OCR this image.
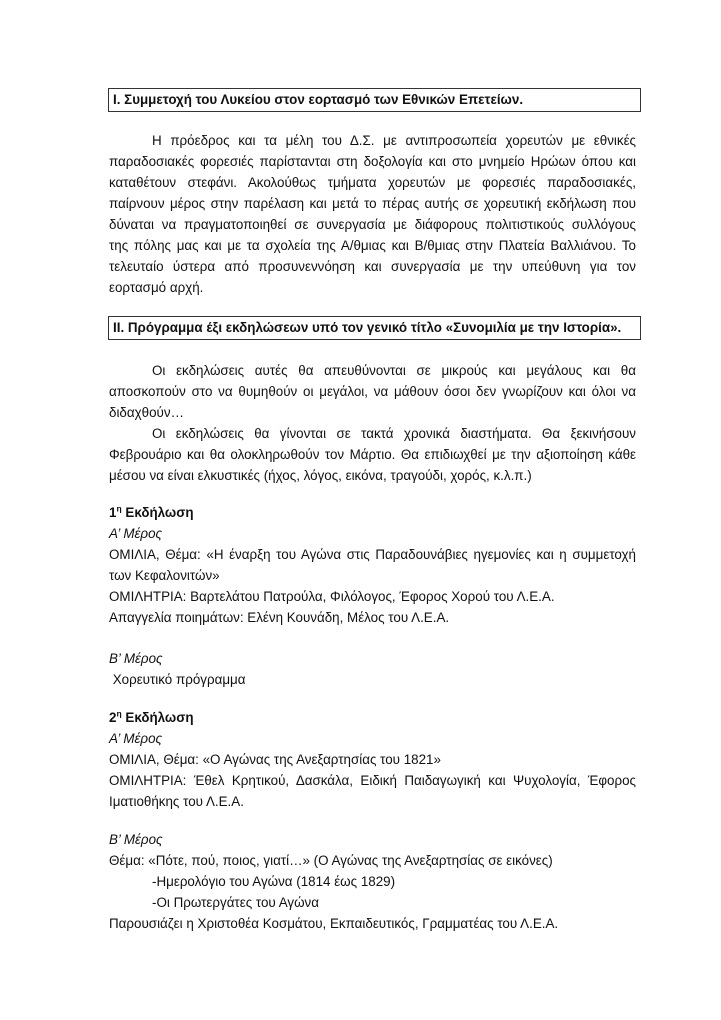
I. Συμμετοχή του Λυκείου στον εορτασμό των Εθνικών Επετείων.
Η πρόεδρος και τα μέλη του Δ.Σ. με αντιπροσωπεία χορευτών με εθνικές
παραδοσιακές φορεσιές παρίστανται στη δοξολογία και στο μνημείο Ηρώων όπου και
καταθέτουν στεφάνι. Ακολούθως τμήματα χορευτών με φορεσιές παραδοσιακές,
παίρνουν μέρος στην παρέλαση και μετά το πέρας αυτής σε χορευτική εκδήλωση που
δύναται να πραγματοποιηθεί σε συνεργασία με διάφορους πολιτιστικούς συλλόγους
της πόλης μας και με τα σχολεία της Α/θμιας και Β/θμιας στην Πλατεία Βαλλιάνου. Το
τελευταίο ύστερα από προσυνεννόηση και συνεργασία με την υπεύθυνη για τον
εορτασμό αρχή.
II. Πρόγραμμα έξι εκδηλώσεων υπό τον γενικό τίτλο «Συνομιλία με την Ιστορία».
Οι εκδηλώσεις αυτές θα απευθύνονται σε μικρούς και μεγάλους και θα
αποσκοπούν στο να θυμηθούν οι μεγάλοι, να μάθουν όσοι δεν γνωρίζουν και όλοι να
διδαχθούν…
Οι εκδηλώσεις θα γίνονται σε τακτά χρονικά διαστήματα. Θα ξεκινήσουν
Φεβρουάριο και θα ολοκληρωθούν τον Μάρτιο. Θα επιδιωχθεί με την αξιοποίηση κάθε
μέσου να είναι ελκυστικές (ήχος, λόγος, εικόνα, τραγούδι, χορός, κ.λ.π.)
$1^\eta$ Εκδήλωση
Α’ Μέρος
ΟΜΙΛΙΑ, Θέμα: «Η έναρξη του Αγώνα στις Παραδουνάβιες ηγεμονίες και η συμμετοχή
των Κεφαλονιτών»
ΟΜΙΛΗΤΡΙΑ: Βαρτελάτου Πατρούλα, Φιλόλογος, Έφορος Χορού του Λ.Ε.Α.
Απαγγελία ποιημάτων: Ελένη Κουνάδη, Μέλος του Λ.Ε.Α.
Β’ Μέρος
Χορευτικό πρόγραμμα
$2^\eta$ Εκδήλωση
Α’ Μέρος
ΟΜΙΛΙΑ, Θέμα: «Ο Αγώνας της Ανεξαρτησίας του 1821»
ΟΜΙΛΗΤΡΙΑ: Έθελ Κρητικού, Δασκάλα, Ειδική Παιδαγωγική και Ψυχολογία, Έφορος
Ιματιοθήκης του Λ.Ε.Α.
Β’ Μέρος
Θέμα: «Πότε, πού, ποιος, γιατί…» (Ο Αγώνας της Ανεξαρτησίας σε εικόνες)
-Ημερολόγιο του Αγώνα (1814 έως 1829)
-Οι Πρωτεργάτες του Αγώνα
Παρουσιάζει η Χριστοθέα Κοσμάτου, Εκπαιδευτικός, Γραμματέας του Λ.Ε.Α.
